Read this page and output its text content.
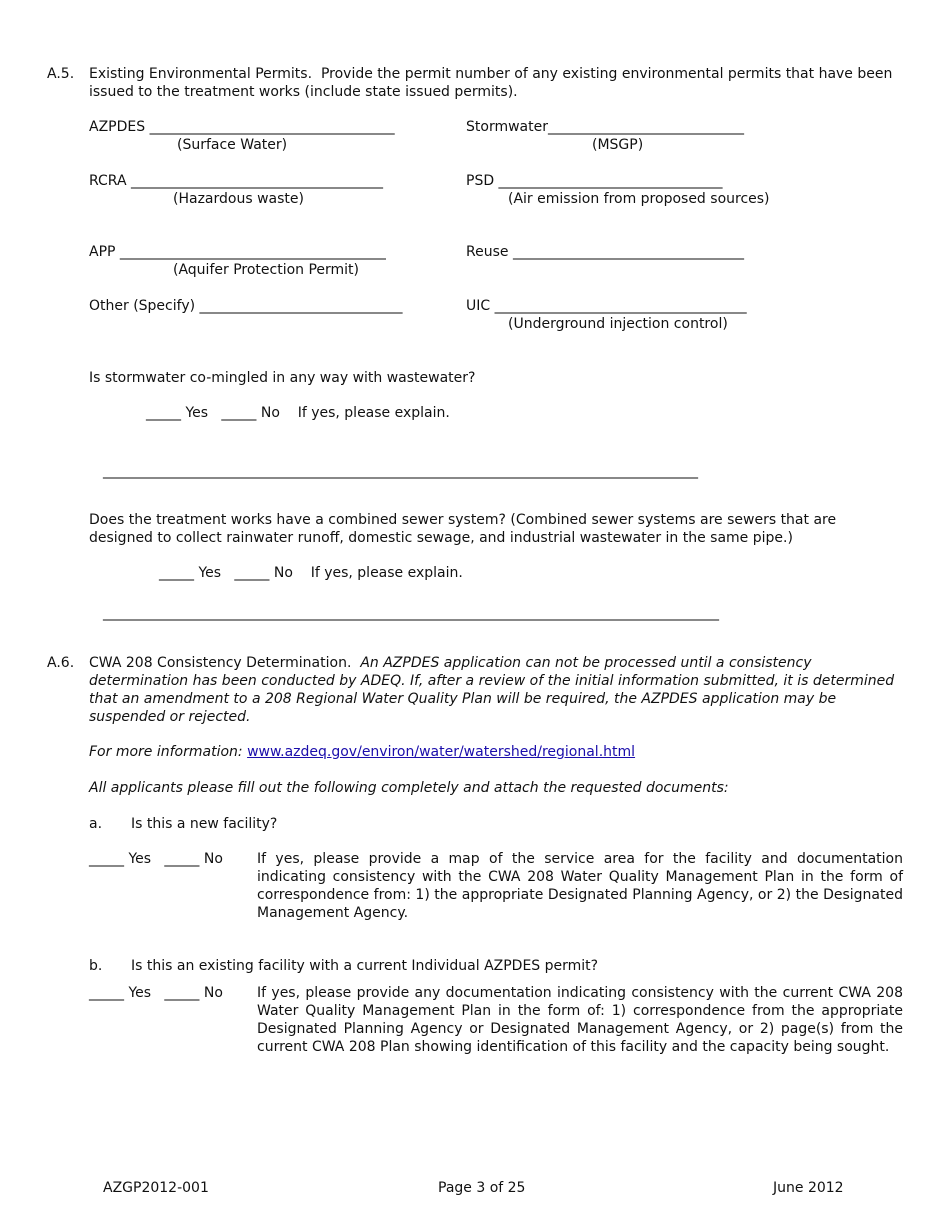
A.5. Existing Environmental Permits. Provide the permit number of any existing environmental permits that have been issued to the treatment works (include state issued permits).
AZPDES ___________________________________
(Surface Water)
Stormwater____________________________
(MSGP)
RCRA ____________________________________
(Hazardous waste)
PSD ________________________________
(Air emission from proposed sources)
APP ______________________________________
(Aquifer Protection Permit)
Reuse _________________________________
Other (Specify) _____________________________	UIC ____________________________________
(Underground injection control)
Is stormwater co-mingled in any way with wastewater?
_____ Yes   _____ No    If yes, please explain.
_____________________________________________________________________________________
Does the treatment works have a combined sewer system? (Combined sewer systems are sewers that are designed to collect rainwater runoff, domestic sewage, and industrial wastewater in the same pipe.)
_____ Yes   _____ No    If yes, please explain.
________________________________________________________________________________________
A.6. CWA 208 Consistency Determination. An AZPDES application can not be processed until a consistency determination has been conducted by ADEQ. If, after a review of the initial information submitted, it is determined that an amendment to a 208 Regional Water Quality Plan will be required, the AZPDES application may be suspended or rejected.
For more information: www.azdeq.gov/environ/water/watershed/regional.html
All applicants please fill out the following completely and attach the requested documents:
a. Is this a new facility?
_____ Yes   _____ No If yes, please provide a map of the service area for the facility and documentation indicating consistency with the CWA 208 Water Quality Management Plan in the form of correspondence from: 1) the appropriate Designated Planning Agency, or 2) the Designated Management Agency.
b. Is this an existing facility with a current Individual AZPDES permit?
_____ Yes   _____ No If yes, please provide any documentation indicating consistency with the current CWA 208 Water Quality Management Plan in the form of: 1) correspondence from the appropriate Designated Planning Agency or Designated Management Agency, or 2) page(s) from the current CWA 208 Plan showing identification of this facility and the capacity being sought.
AZGP2012-001	Page 3 of 25	June 2012
